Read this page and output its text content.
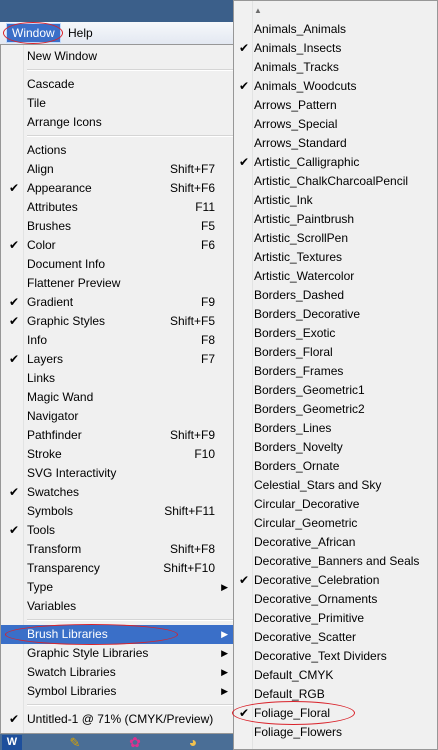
Window	Help
New Window
Cascade
Tile
Arrange Icons
Actions
Align	Shift+F7
✔ Appearance	Shift+F6
Attributes	F11
Brushes	F5
✔ Color	F6
Document Info
Flattener Preview
✔ Gradient	F9
✔ Graphic Styles	Shift+F5
Info	F8
✔ Layers	F7
Links
Magic Wand
Navigator
Pathfinder	Shift+F9
Stroke	F10
SVG Interactivity
✔ Swatches
Symbols	Shift+F11
✔ Tools
Transform	Shift+F8
Transparency	Shift+F10
Type	▶
Variables
Brush Libraries	▶
Graphic Style Libraries	▶
Swatch Libraries	▶
Symbol Libraries	▶
✔ Untitled-1 @ 71% (CMYK/Preview)
W	✎	✿	◕
▲
Animals_Animals
✔ Animals_Insects
Animals_Tracks
✔ Animals_Woodcuts
Arrows_Pattern
Arrows_Special
Arrows_Standard
✔ Artistic_Calligraphic
Artistic_ChalkCharcoalPencil
Artistic_Ink
Artistic_Paintbrush
Artistic_ScrollPen
Artistic_Textures
Artistic_Watercolor
Borders_Dashed
Borders_Decorative
Borders_Exotic
Borders_Floral
Borders_Frames
Borders_Geometric1
Borders_Geometric2
Borders_Lines
Borders_Novelty
Borders_Ornate
Celestial_Stars and Sky
Circular_Decorative
Circular_Geometric
Decorative_African
Decorative_Banners and Seals
✔ Decorative_Celebration
Decorative_Ornaments
Decorative_Primitive
Decorative_Scatter
Decorative_Text Dividers
Default_CMYK
Default_RGB
✔ Foliage_Floral
Foliage_Flowers
